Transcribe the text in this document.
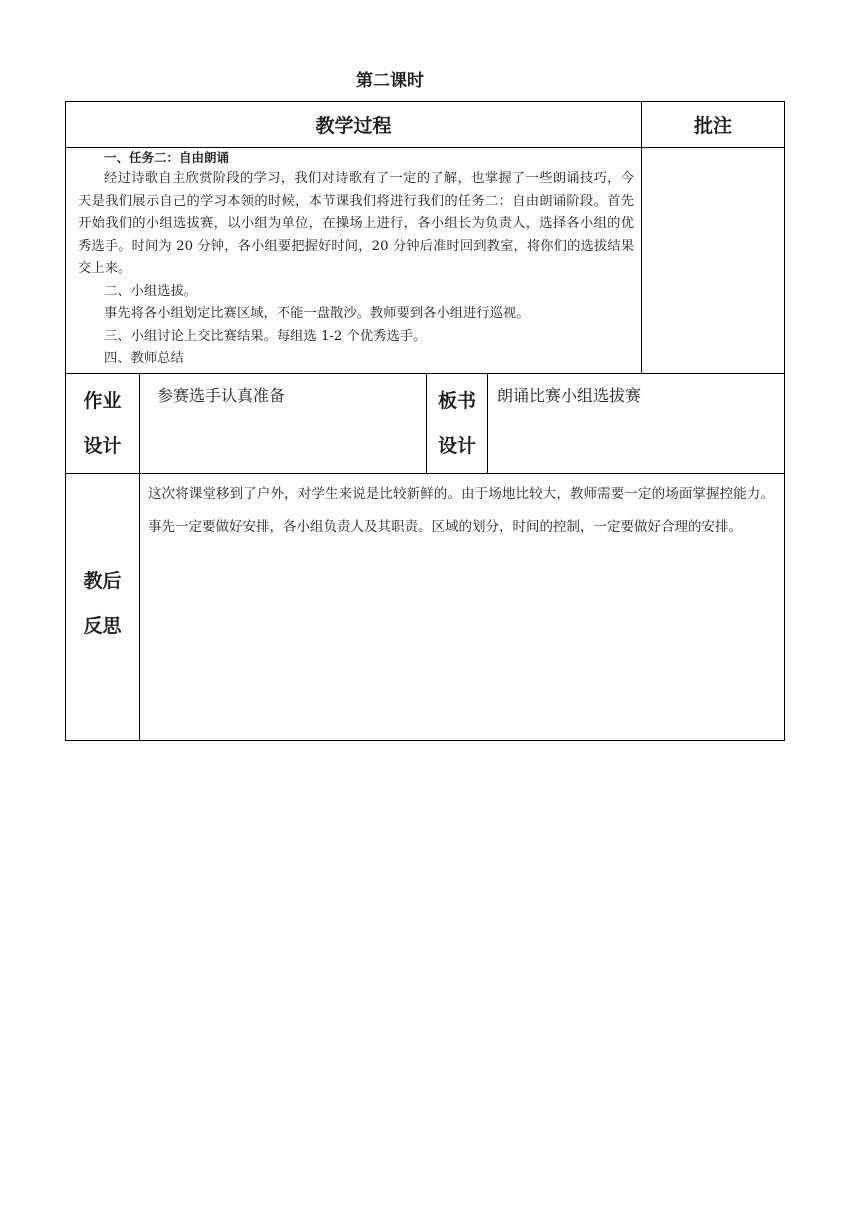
第二课时
教学过程	批注

一、任务二：自由朗诵

经过诗歌自主欣赏阶段的学习，我们对诗歌有了一定的了解，也掌握了一些朗诵技巧，今天是我们展示自己的学习本领的时候，本节课我们将进行我们的任务二：自由朗诵阶段。首先开始我们的小组选拔赛，以小组为单位，在操场上进行，各小组长为负责人，选择各小组的优秀选手。时间为 20 分钟，各小组要把握好时间，20 分钟后准时回到教室，将你们的选拔结果交上来。

二、小组选拔。

事先将各小组划定比赛区域，不能一盘散沙。教师要到各小组进行巡视。

三、小组讨论上交比赛结果。每组选 1-2 个优秀选手。

四、教师总结

作业
设计
参赛选手认真准备	板书
设计
朗诵比赛小组选拔赛
教后
反思
这次将课堂移到了户外，对学生来说是比较新鲜的。由于场地比较大，教师需要一定的场面掌握控能力。事先一定要做好安排，各小组负责人及其职责。区域的划分，时间的控制，一定要做好合理的安排。
